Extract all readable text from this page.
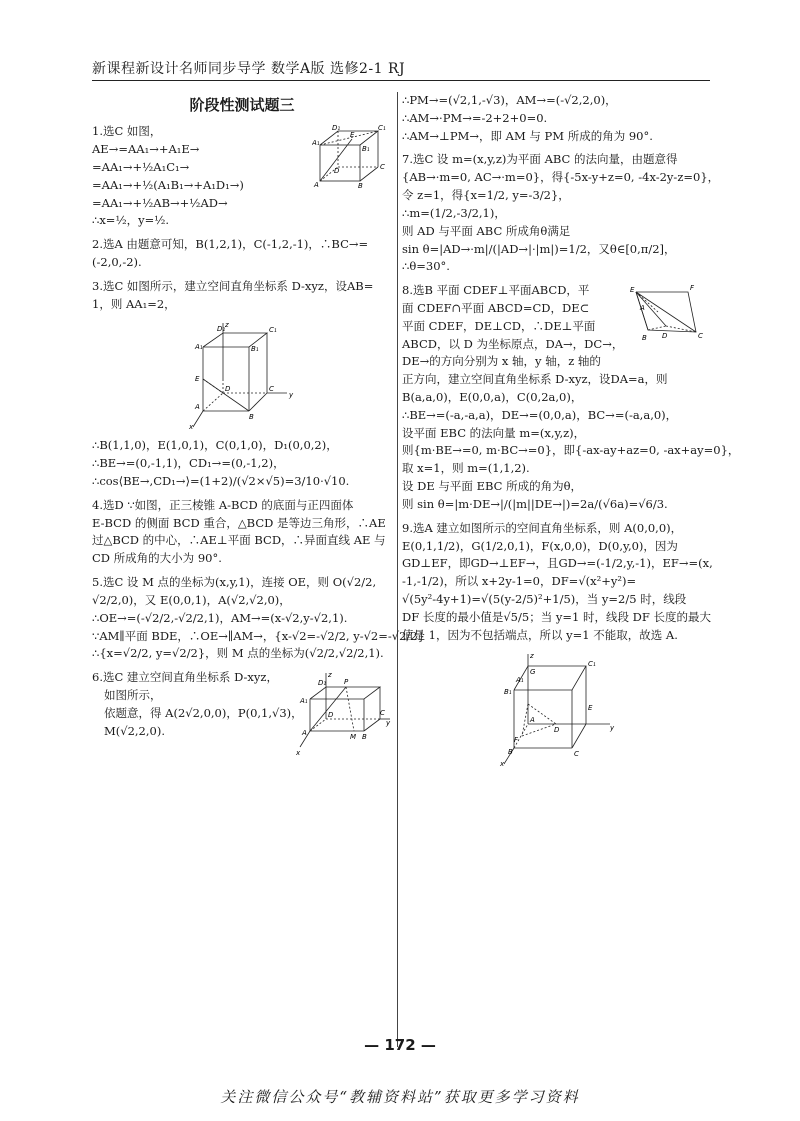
新课程新设计名师同步导学 数学A版 选修2-1 RJ
阶段性测试题三
D₁	C₁
A₁
B₁
E
D	C
A	B
1.选C 如图，
AE→=AA₁→+A₁E→
=AA₁→+½A₁C₁→
=AA₁→+½(A₁B₁→+A₁D₁→)
=AA₁→+½AB→+½AD→
∴x=½，y=½.
2.选A 由题意可知，B(1,2,1)，C(-1,2,-1)，∴BC→=
(-2,0,-2).
3.选C 如图所示，建立空间直角坐标系 D-xyz，设AB=
1，则 AA₁=2，
z
A₁
D₁	C₁
B₁
E
A
D	C
y
B
x
∴B(1,1,0)，E(1,0,1)，C(0,1,0)，D₁(0,0,2)，
∴BE→=(0,-1,1)，CD₁→=(0,-1,2)，
∴cos⟨BE→,CD₁→⟩=(1+2)/(√2×√5)=3/10·√10.
4.选D ∵如图，正三棱锥 A-BCD 的底面与正四面体
E-BCD 的侧面 BCD 重合，△BCD 是等边三角形，∴AE
过△BCD 的中心，∴AE⊥平面 BCD，∴异面直线 AE 与
CD 所成角的大小为 90°.
5.选C 设 M 点的坐标为(x,y,1)，连接 OE，则 O(√2/2,
√2/2,0)，又 E(0,0,1)，A(√2,√2,0)，
∴OE→=(-√2/2,-√2/2,1)，AM→=(x-√2,y-√2,1).
∵AM∥平面 BDE，∴OE→∥AM→，{x-√2=-√2/2, y-√2=-√2/2}
∴{x=√2/2, y=√2/2}，则 M 点的坐标为(√2/2,√2/2,1).
z
D₁	P
A₁
D	C
y
A	B
M
x
6.选C 建立空间直角坐标系 D-xyz，
如图所示，
依题意，得 A(2√2,0,0)，P(0,1,√3)，
M(√2,2,0).
∴PM→=(√2,1,-√3)，AM→=(-√2,2,0)，
∴AM→·PM→=-2+2+0=0.
∴AM→⊥PM→，即 AM 与 PM 所成的角为 90°.
7.选C 设 m=(x,y,z)为平面 ABC 的法向量，由题意得
{AB→·m=0, AC→·m=0}，得{-5x-y+z=0, -4x-2y-z=0}，
令 z=1，得{x=1/2, y=-3/2}，
∴m=(1/2,-3/2,1)，
则 AD 与平面 ABC 所成角θ满足
sin θ=|AD→·m|/(|AD→|·|m|)=1/2，又θ∈[0,π/2]，
∴θ=30°.
E	F
A
D
B	C
8.选B 平面 CDEF⊥平面ABCD，平
面 CDEF∩平面 ABCD=CD，DE⊂
平面 CDEF，DE⊥CD，∴DE⊥平面
ABCD，以 D 为坐标原点，DA→，DC→，
DE→的方向分别为 x 轴，y 轴，z 轴的
正方向，建立空间直角坐标系 D-xyz，设DA=a，则
B(a,a,0)，E(0,0,a)，C(0,2a,0)，
∴BE→=(-a,-a,a)，DE→=(0,0,a)，BC→=(-a,a,0)，
设平面 EBC 的法向量 m=(x,y,z)，
则{m·BE→=0, m·BC→=0}，即{-ax-ay+az=0, -ax+ay=0}，
取 x=1，则 m=(1,1,2).
设 DE 与平面 EBC 所成的角为θ，
则 sin θ=|m·DE→|/(|m||DE→|)=2a/(√6a)=√6/3.
9.选A 建立如图所示的空间直角坐标系，则 A(0,0,0)，
E(0,1,1/2)，G(1/2,0,1)，F(x,0,0)，D(0,y,0)，因为
GD⊥EF，即GD→⊥EF→，且GD→=(-1/2,y,-1)，EF→=(x,
-1,-1/2)，所以 x+2y-1=0，DF=√(x²+y²)=
√(5y²-4y+1)=√(5(y-2/5)²+1/5)，当 y=2/5 时，线段
DF 长度的最小值是√5/5；当 y=1 时，线段 DF 长度的最大
值是 1，因为不包括端点，所以 y=1 不能取，故选 A.
z
B₁
C₁
G
A₁
E
A
D	y
F
B	C
x
— 172 —
关注微信公众号“教辅资料站”获取更多学习资料
